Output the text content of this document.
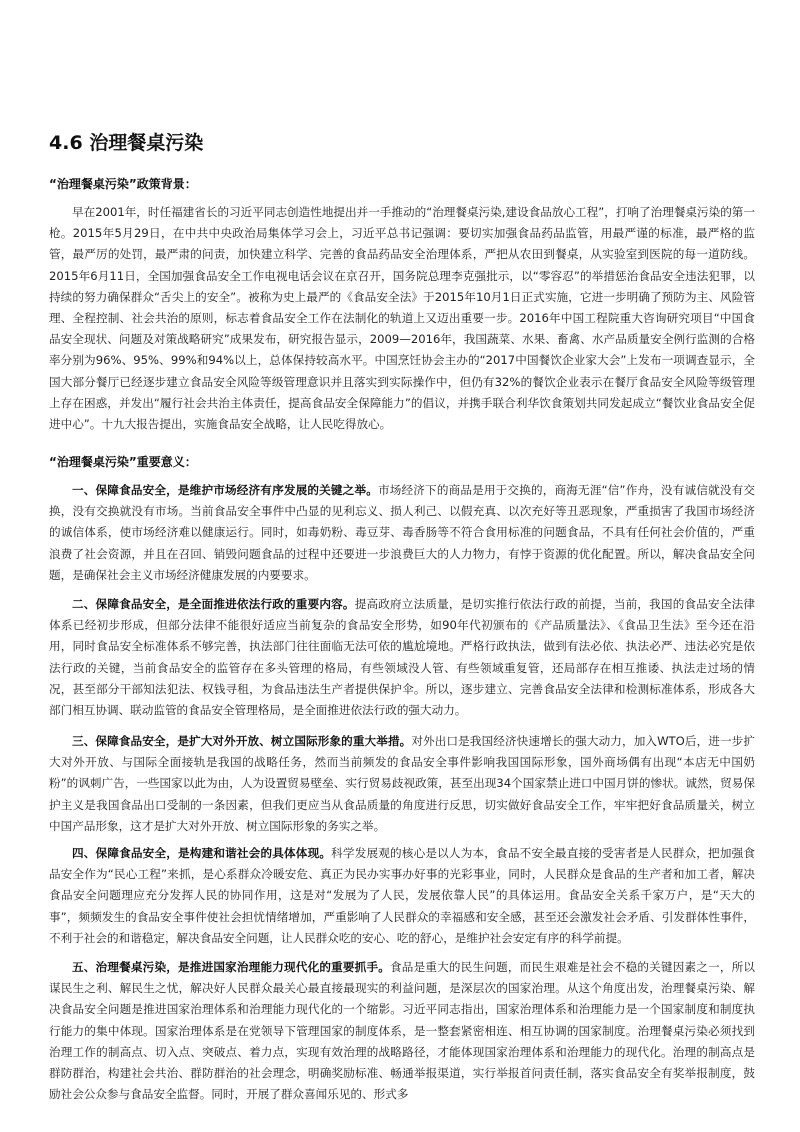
4.6 治理餐桌污染

“治理餐桌污染”政策背景：

早在2001年，时任福建省长的习近平同志创造性地提出并一手推动的“治理餐桌污染,建设食品放心工程”，打响了治理餐桌污染的第一枪。2015年5月29日，在中共中央政治局集体学习会上，习近平总书记强调：要切实加强食品药品监管，用最严谨的标准，最严格的监管，最严厉的处罚，最严肃的问责，加快建立科学、完善的食品药品安全治理体系，严把从农田到餐桌，从实验室到医院的每一道防线。2015年6月11日，全国加强食品安全工作电视电话会议在京召开，国务院总理李克强批示，以“零容忍”的举措惩治食品安全违法犯罪，以持续的努力确保群众“舌尖上的安全”。被称为史上最严的《食品安全法》于2015年10月1日正式实施，它进一步明确了预防为主、风险管理、全程控制、社会共治的原则，标志着食品安全工作在法制化的轨道上又迈出重要一步。2016年中国工程院重大咨询研究项目“中国食品安全现状、问题及对策战略研究”成果发布，研究报告显示，2009—2016年，我国蔬菜、水果、畜禽、水产品质量安全例行监测的合格率分别为96%、95%、99%和94%以上，总体保持较高水平。中国烹饪协会主办的“2017中国餐饮企业家大会”上发布一项调查显示，全国大部分餐厅已经逐步建立食品安全风险等级管理意识并且落实到实际操作中，但仍有32%的餐饮企业表示在餐厅食品安全风险等级管理上存在困惑，并发出“履行社会共治主体责任，提高食品安全保障能力”的倡议，并携手联合利华饮食策划共同发起成立“餐饮业食品安全促进中心”。十九大报告提出，实施食品安全战略，让人民吃得放心。

“治理餐桌污染”重要意义：

一、保障食品安全，是维护市场经济有序发展的关键之举。市场经济下的商品是用于交换的，商海无涯“信”作舟，没有诚信就没有交换，没有交换就没有市场。当前食品安全事件中凸显的见利忘义、损人利己、以假充真、以次充好等丑恶现象，严重损害了我国市场经济的诚信体系，使市场经济难以健康运行。同时，如毒奶粉、毒豆芽、毒香肠等不符合食用标准的问题食品，不具有任何社会价值的，严重浪费了社会资源，并且在召回、销毁问题食品的过程中还要进一步浪费巨大的人力物力，有悖于资源的优化配置。所以，解决食品安全问题，是确保社会主义市场经济健康发展的内要要求。

二、保障食品安全，是全面推进依法行政的重要内容。提高政府立法质量，是切实推行依法行政的前提，当前，我国的食品安全法律体系已经初步形成，但部分法律不能很好适应当前复杂的食品安全形势，如90年代初颁布的《产品质量法》、《食品卫生法》至今还在沿用，同时食品安全标准体系不够完善，执法部门往往面临无法可依的尴尬境地。严格行政执法，做到有法必依、执法必严、违法必究是依法行政的关键，当前食品安全的监管存在多头管理的格局，有些领域没人管、有些领域重复管，还局部存在相互推诿、执法走过场的情况，甚至部分干部知法犯法、权钱寻租，为食品违法生产者提供保护伞。所以，逐步建立、完善食品安全法律和检测标准体系，形成各大部门相互协调、联动监管的食品安全管理格局，是全面推进依法行政的强大动力。

三、保障食品安全，是扩大对外开放、树立国际形象的重大举措。对外出口是我国经济快速增长的强大动力，加入WTO后，进一步扩大对外开放、与国际全面接轨是我国的战略任务，然而当前频发的食品安全事件影响我国国际形象，国外商场偶有出现“本店无中国奶粉”的讽刺广告，一些国家以此为由，人为设置贸易壁垒、实行贸易歧视政策，甚至出现34个国家禁止进口中国月饼的惨状。诚然，贸易保护主义是我国食品出口受制的一条因素，但我们更应当从食品质量的角度进行反思，切实做好食品安全工作，牢牢把好食品质量关，树立中国产品形象，这才是扩大对外开放、树立国际形象的务实之举。

四、保障食品安全，是构建和谐社会的具体体现。科学发展观的核心是以人为本，食品不安全最直接的受害者是人民群众，把加强食品安全作为“民心工程”来抓，是心系群众冷暖安危、真正为民办实事办好事的光彩事业，同时，人民群众是食品的生产者和加工者，解决食品安全问题理应充分发挥人民的协同作用，这是对“发展为了人民，发展依靠人民”的具体运用。食品安全关系千家万户，是“天大的事”，频频发生的食品安全事件使社会担忧情绪增加，严重影响了人民群众的幸福感和安全感，甚至还会激发社会矛盾、引发群体性事件，不利于社会的和谐稳定，解决食品安全问题，让人民群众吃的安心、吃的舒心，是维护社会安定有序的科学前提。

五、治理餐桌污染，是推进国家治理能力现代化的重要抓手。食品是重大的民生问题，而民生艰难是社会不稳的关键因素之一，所以谋民生之利、解民生之忧，解决好人民群众最关心最直接最现实的利益问题，是深层次的国家治理。从这个角度出发，治理餐桌污染、解决食品安全问题是推进国家治理体系和治理能力现代化的一个缩影。习近平同志指出，国家治理体系和治理能力是一个国家制度和制度执行能力的集中体现。国家治理体系是在党领导下管理国家的制度体系，是一整套紧密相连、相互协调的国家制度。治理餐桌污染必须找到治理工作的制高点、切入点、突破点、着力点，实现有效治理的战略路径，才能体现国家治理体系和治理能力的现代化。治理的制高点是群防群治，构建社会共治、群防群治的社会理念，明确奖励标准、畅通举报渠道，实行举报首问责任制，落实食品安全有奖举报制度，鼓励社会公众参与食品安全监督。同时，开展了群众喜闻乐见的、形式多
